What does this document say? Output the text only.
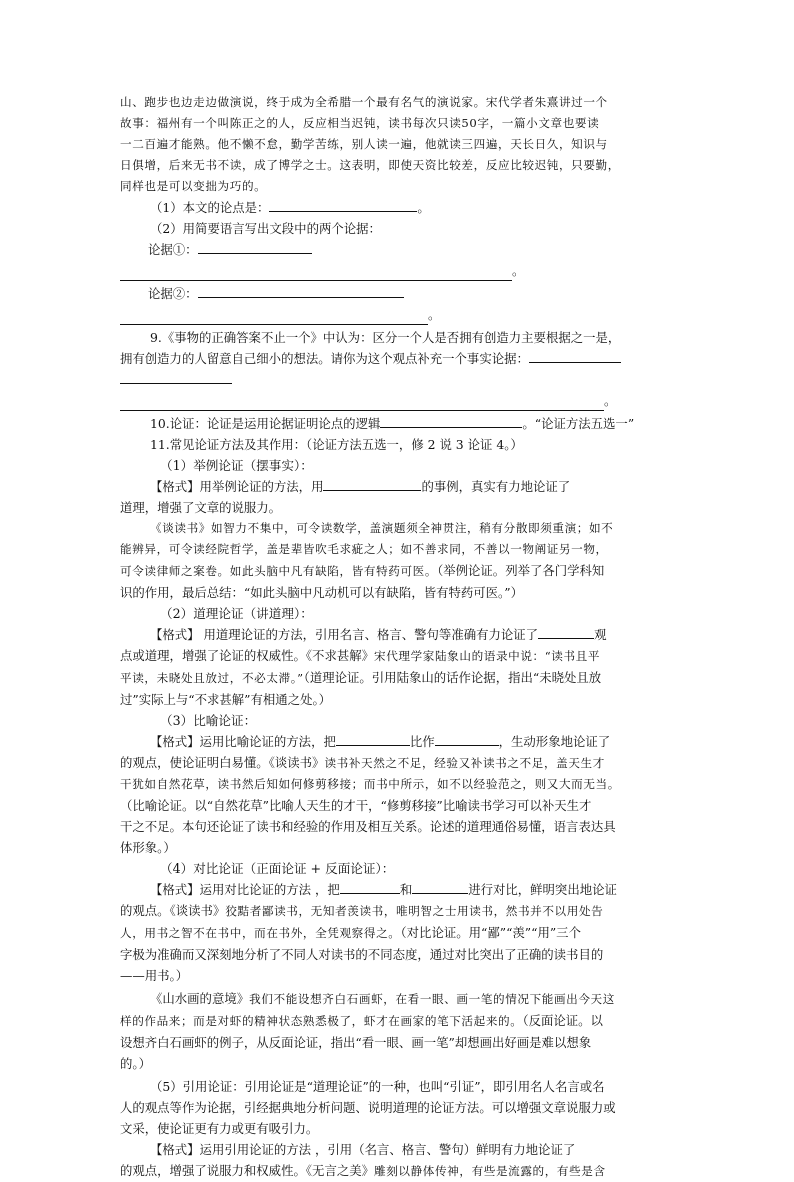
山、跑步也边走边做演说，终于成为全希腊一个最有名气的演说家。宋代学者朱熹讲过一个
故事：福州有一个叫陈正之的人，反应相当迟钝，读书每次只读50字，一篇小文章也要读
一二百遍才能熟。他不懒不怠，勤学苦练，别人读一遍，他就读三四遍，天长日久，知识与
日俱增，后来无书不读，成了博学之士。这表明，即使天资比较差，反应比较迟钝，只要勤，
同样也是可以变拙为巧的。
（1）本文的论点是：	。
（2）用简要语言写出文段中的两个论据：
论据①：
。
论据②：
。
9.《事物的正确答案不止一个》中认为：区分一个人是否拥有创造力主要根据之一是，
拥有创造力的人留意自己细小的想法。请你为这个观点补充一个事实论据：
。
10.论证：论证是运用论据证明论点的逻辑	。“论证方法五选一”
11.常见论证方法及其作用：（论证方法五选一，修 2 说 3 论证 4。）
（1）举例论证（摆事实）：
【格式】用举例论证的方法，用	的事例，真实有力地论证了
道理，增强了文章的说服力。
《谈读书》如智力不集中，可令读数学，盖演题须全神贯注，稍有分散即须重演；如不
能辨异，可令读经院哲学，盖是辈皆吹毛求疵之人；如不善求同，不善以一物阐证另一物，
可令读律师之案卷。如此头脑中凡有缺陷，皆有特药可医。（举例论证。列举了各门学科知
识的作用，最后总结：“如此头脑中凡动机可以有缺陷，皆有特药可医。”）
（2）道理论证（讲道理）：
【格式】 用道理论证的方法，引用名言、格言、警句等准确有力论证了	观
点或道理，增强了论证的权威性。《不求甚解》宋代理学家陆象山的语录中说：“读书且平
平读，未晓处且放过，不必太滞。”（道理论证。引用陆象山的话作论据，指出“未晓处且放
过”实际上与“不求甚解”有相通之处。）
（3）比喻论证：
【格式】运用比喻论证的方法，把	比作	，生动形象地论证了
的观点，使论证明白易懂。《谈读书》读书补天然之不足，经验又补读书之不足，盖天生才
干犹如自然花草，读书然后知如何修剪移接；而书中所示，如不以经验范之，则又大而无当。
（比喻论证。以“自然花草”比喻人天生的才干，“修剪移接”比喻读书学习可以补天生才
干之不足。本句还论证了读书和经验的作用及相互关系。论述的道理通俗易懂，语言表达具
体形象。）
（4）对比论证（正面论证 + 反面论证）：
【格式】运用对比论证的方法 ，把	和	进行对比，鲜明突出地论证
的观点。《谈读书》狡黠者鄙读书，无知者羡读书，唯明智之士用读书，然书并不以用处告
人，用书之智不在书中，而在书外，全凭观察得之。（对比论证。用“鄙”“羡”“用”三个
字极为准确而又深刻地分析了不同人对读书的不同态度，通过对比突出了正确的读书目的
——用书。）
《山水画的意境》我们不能设想齐白石画虾，在看一眼、画一笔的情况下能画出今天这
样的作品来；而是对虾的精神状态熟悉极了，虾才在画家的笔下活起来的。（反面论证。以
设想齐白石画虾的例子，从反面论证，指出“看一眼、画一笔”却想画出好画是难以想象
的。）
（5）引用论证：引用论证是“道理论证”的一种，也叫“引证”，即引用名人名言或名
人的观点等作为论据，引经据典地分析问题、说明道理的论证方法。可以增强文章说服力或
文采，使论证更有力或更有吸引力。
【格式】运用引用论证的方法 ，引用（名言、格言、警句）鲜明有力地论证了
的观点，增强了说服力和权威性。《无言之美》雕刻以静体传神，有些是流露的，有些是含
